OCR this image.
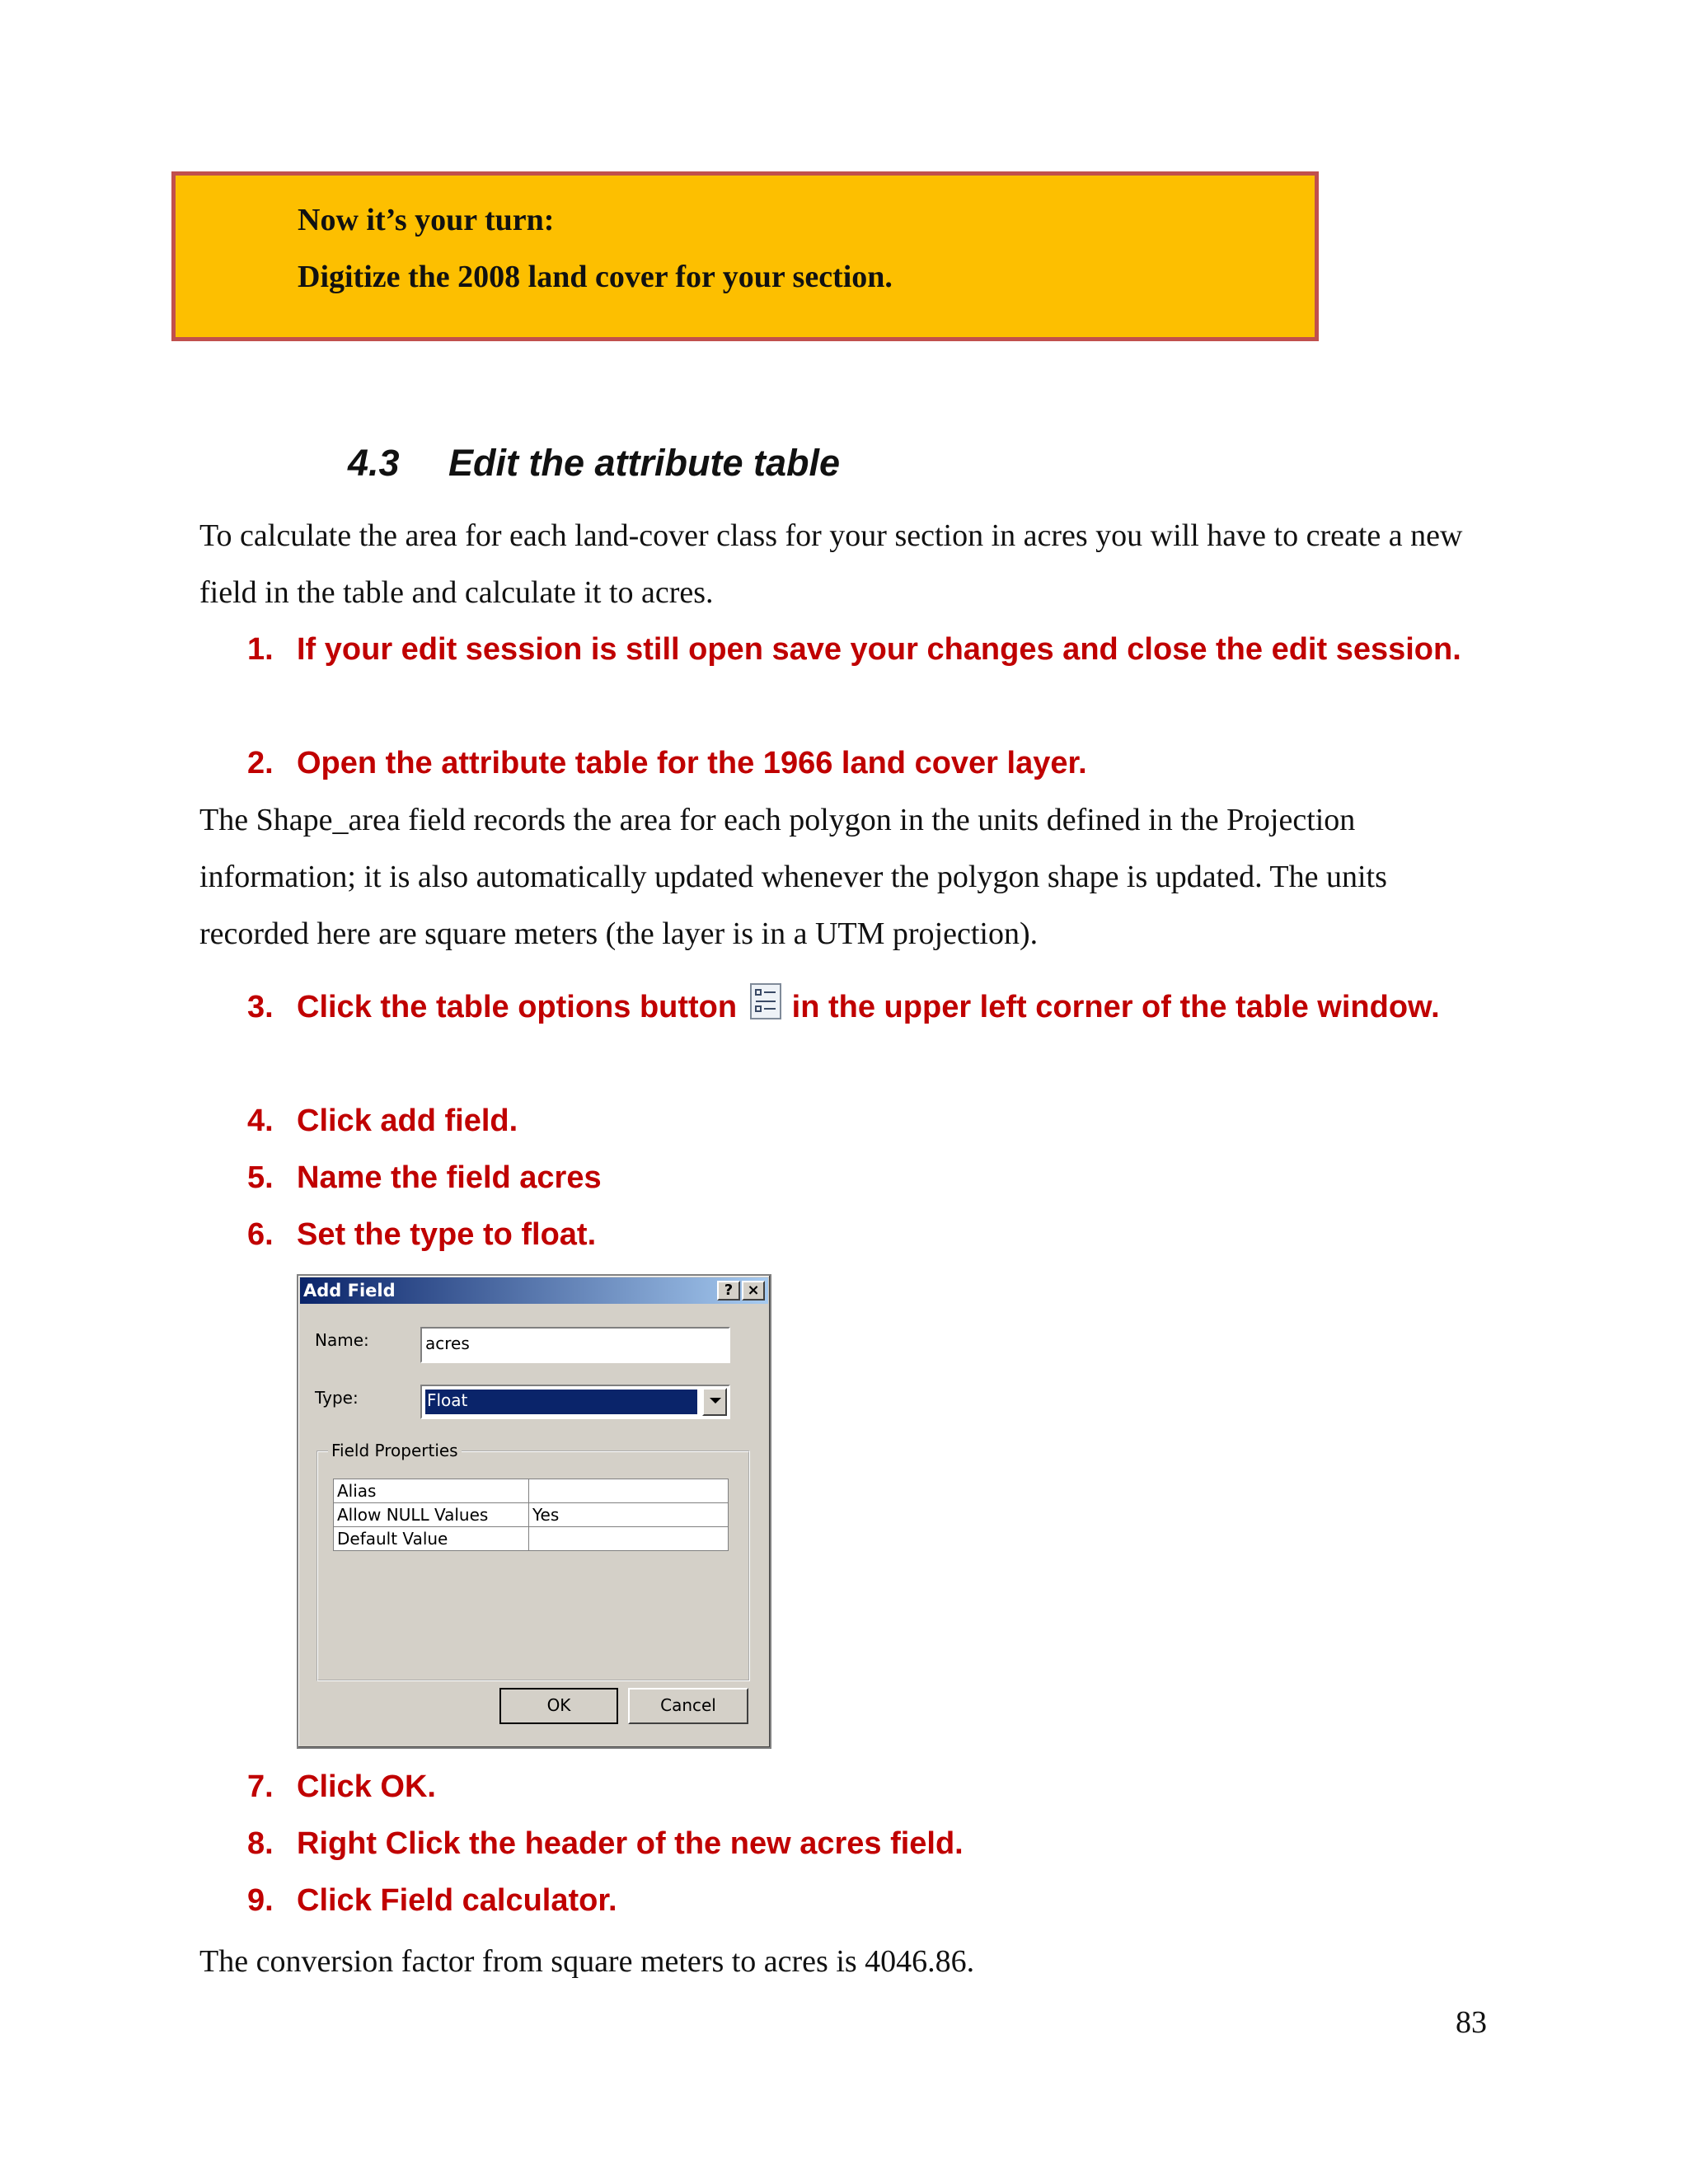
Now it’s your turn:

Digitize the 2008 land cover for your section.

4.3 Edit the attribute table

To calculate the area for each land-cover class for your section in acres you will have to create a new field in the table and calculate it to acres.

1. If your edit session is still open save your changes and close the edit session.
2. Open the attribute table for the 1966 land cover layer.

The Shape_area field records the area for each polygon in the units defined in the Projection information; it is also automatically updated whenever the polygon shape is updated. The units recorded here are square meters (the layer is in a UTM projection).

3. Click the table options button in the upper left corner of the table window.
4. Click add field.
5. Name the field acres
6. Set the type to float.
Add Field	? ×
Name:	acres
Type:	Float
Field Properties
Alias	
Allow NULL Values	Yes
Default Value	
OK	Cancel
7. Click OK.
8. Right Click the header of the new acres field.
9. Click Field calculator.

The conversion factor from square meters to acres is 4046.86.

83
